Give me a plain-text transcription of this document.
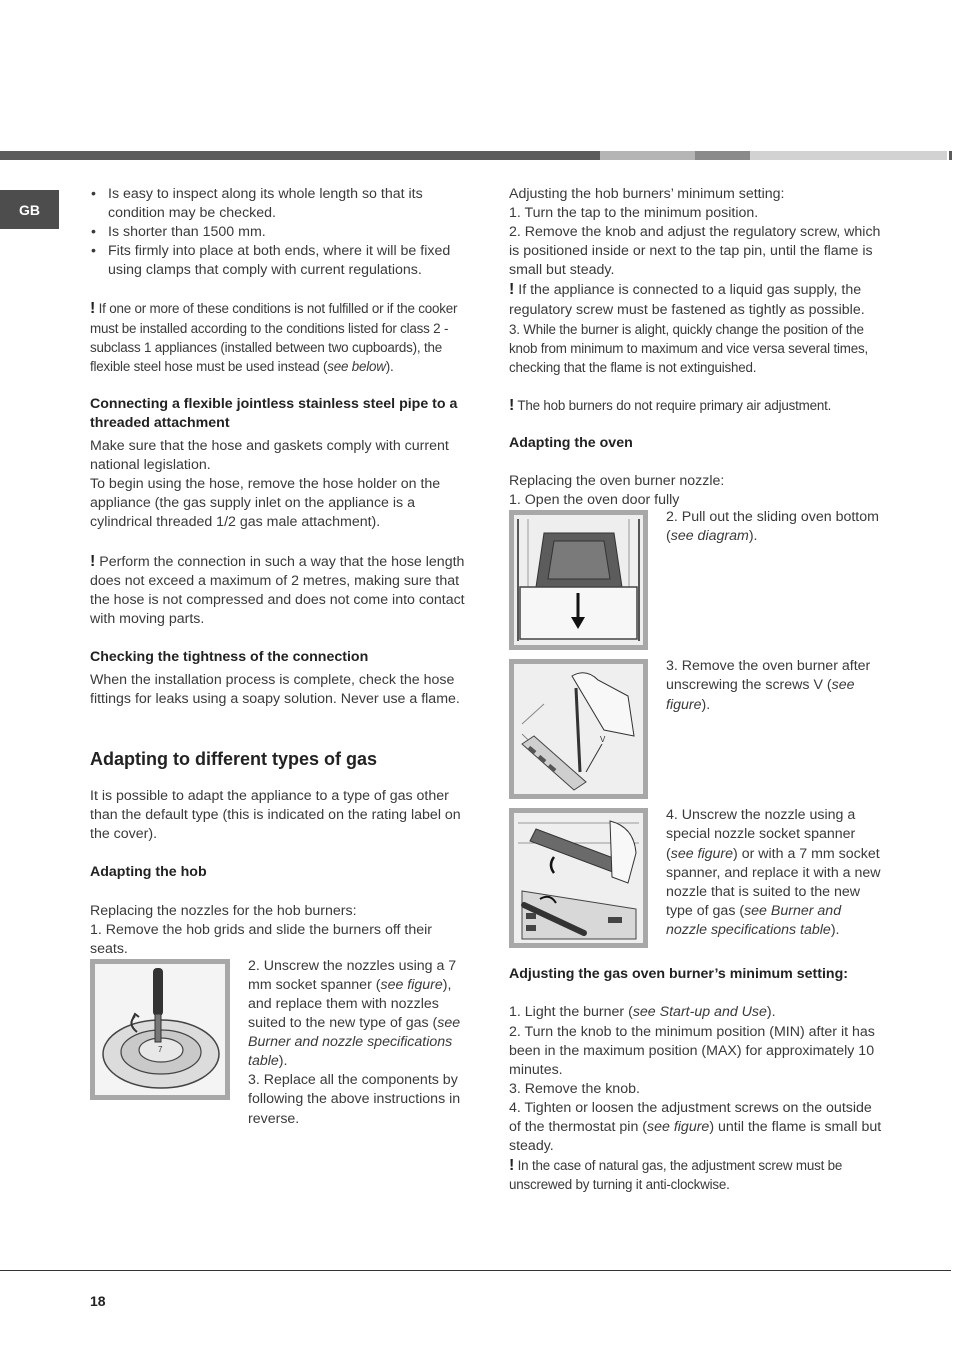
GB
• Is easy to inspect along its whole length so that its condition may be checked.
• Is shorter than 1500 mm.
• Fits firmly into place at both ends, where it will be fixed using clamps that comply with current regulations.

! If one or more of these conditions is not fulfilled or if the cooker must be installed according to the conditions listed for class 2 - subclass 1 appliances (installed between two cupboards), the flexible steel hose must be used instead (see below).

Connecting a flexible jointless stainless steel pipe to a threaded attachment

Make sure that the hose and gaskets comply with current national legislation.

To begin using the hose, remove the hose holder on the appliance (the gas supply inlet on the appliance is a cylindrical threaded 1/2 gas male attachment).

! Perform the connection in such a way that the hose length does not exceed a maximum of 2 metres, making sure that the hose is not compressed and does not come into contact with moving parts.

Checking the tightness of the connection

When the installation process is complete, check the hose fittings for leaks using a soapy solution. Never use a flame.

Adapting to different types of gas

It is possible to adapt the appliance to a type of gas other than the default type (this is indicated on the rating label on the cover).

Adapting the hob

Replacing the nozzles for the hob burners:

1. Remove the hob grids and slide the burners off their seats.

7

2. Unscrew the nozzles using a 7 mm socket spanner (see figure), and replace them with nozzles suited to the new type of gas (see Burner and nozzle specifications table).

3. Replace all the components by following the above instructions in reverse.

Adjusting the hob burners’ minimum setting:

1. Turn the tap to the minimum position.

2. Remove the knob and adjust the regulatory screw, which is positioned inside or next to the tap pin, until the flame is small but steady.

! If the appliance is connected to a liquid gas supply, the regulatory screw must be fastened as tightly as possible.

3. While the burner is alight, quickly change the position of the knob from minimum to maximum and vice versa several times, checking that the flame is not extinguished.

! The hob burners do not require primary air adjustment.

Adapting the oven

Replacing the oven burner nozzle:

1. Open the oven door fully

2. Pull out the sliding oven bottom (see diagram).

V

3. Remove the oven burner after unscrewing the screws V (see figure).

4. Unscrew the nozzle using a special nozzle socket spanner (see figure) or with a 7 mm socket spanner, and replace it with a new nozzle that is suited to the new type of gas (see Burner and nozzle specifications table).

Adjusting the gas oven burner’s minimum setting:

1. Light the burner (see Start-up and Use).

2. Turn the knob to the minimum position (MIN) after it has been in the maximum position (MAX) for approximately 10 minutes.

3. Remove the knob.

4. Tighten or loosen the adjustment screws on the outside of the thermostat pin (see figure) until the flame is small but steady.

! In the case of natural gas, the adjustment screw must be unscrewed by turning it anti-clockwise.

18
